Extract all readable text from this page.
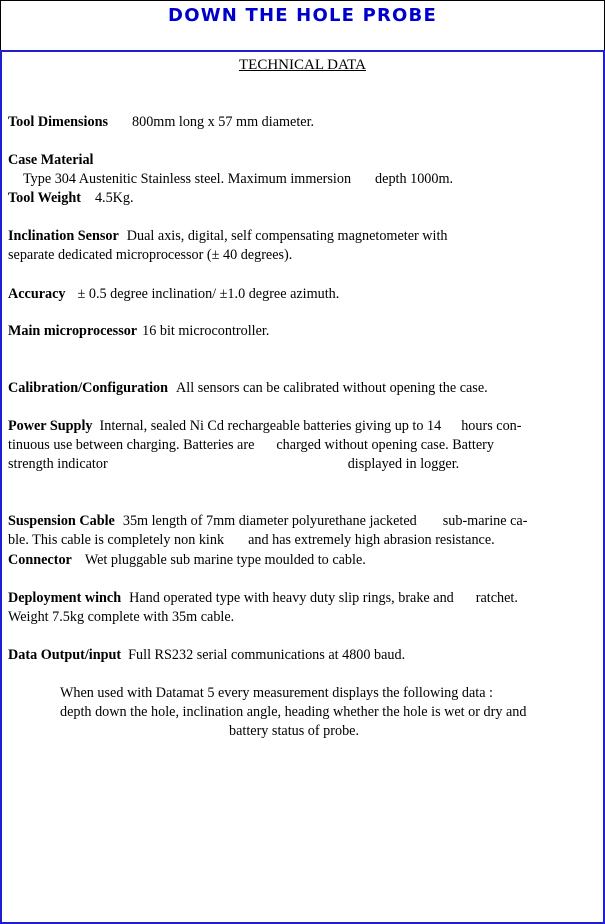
DOWN THE HOLE PROBE
TECHNICAL DATA
Tool Dimensions 800mm long x 57 mm diameter.
Case Material
Type 304 Austenitic Stainless steel. Maximum immersion depth 1000m.
Tool Weight 4.5Kg.
Inclination Sensor Dual axis, digital, self compensating magnetometer with
separate dedicated microprocessor (± 40 degrees).
Accuracy ± 0.5 degree inclination/ ±1.0 degree azimuth.
Main microprocessor 16 bit microcontroller.
Calibration/Configuration All sensors can be calibrated without opening the case.
Power Supply Internal, sealed Ni Cd rechargeable batteries giving up to 14 hours con-
tinuous use between charging. Batteries are charged without opening case. Battery
strength indicator	displayed in logger.
Suspension Cable 35m length of 7mm diameter polyurethane jacketed sub-marine ca-
ble. This cable is completely non kink and has extremely high abrasion resistance.
Connector Wet pluggable sub marine type moulded to cable.
Deployment winch Hand operated type with heavy duty slip rings, brake and ratchet.
Weight 7.5kg complete with 35m cable.
Data Output/input Full RS232 serial communications at 4800 baud.
When used with Datamat 5 every measurement displays the following data :
depth down the hole, inclination angle, heading whether the hole is wet or dry and
battery status of probe.
